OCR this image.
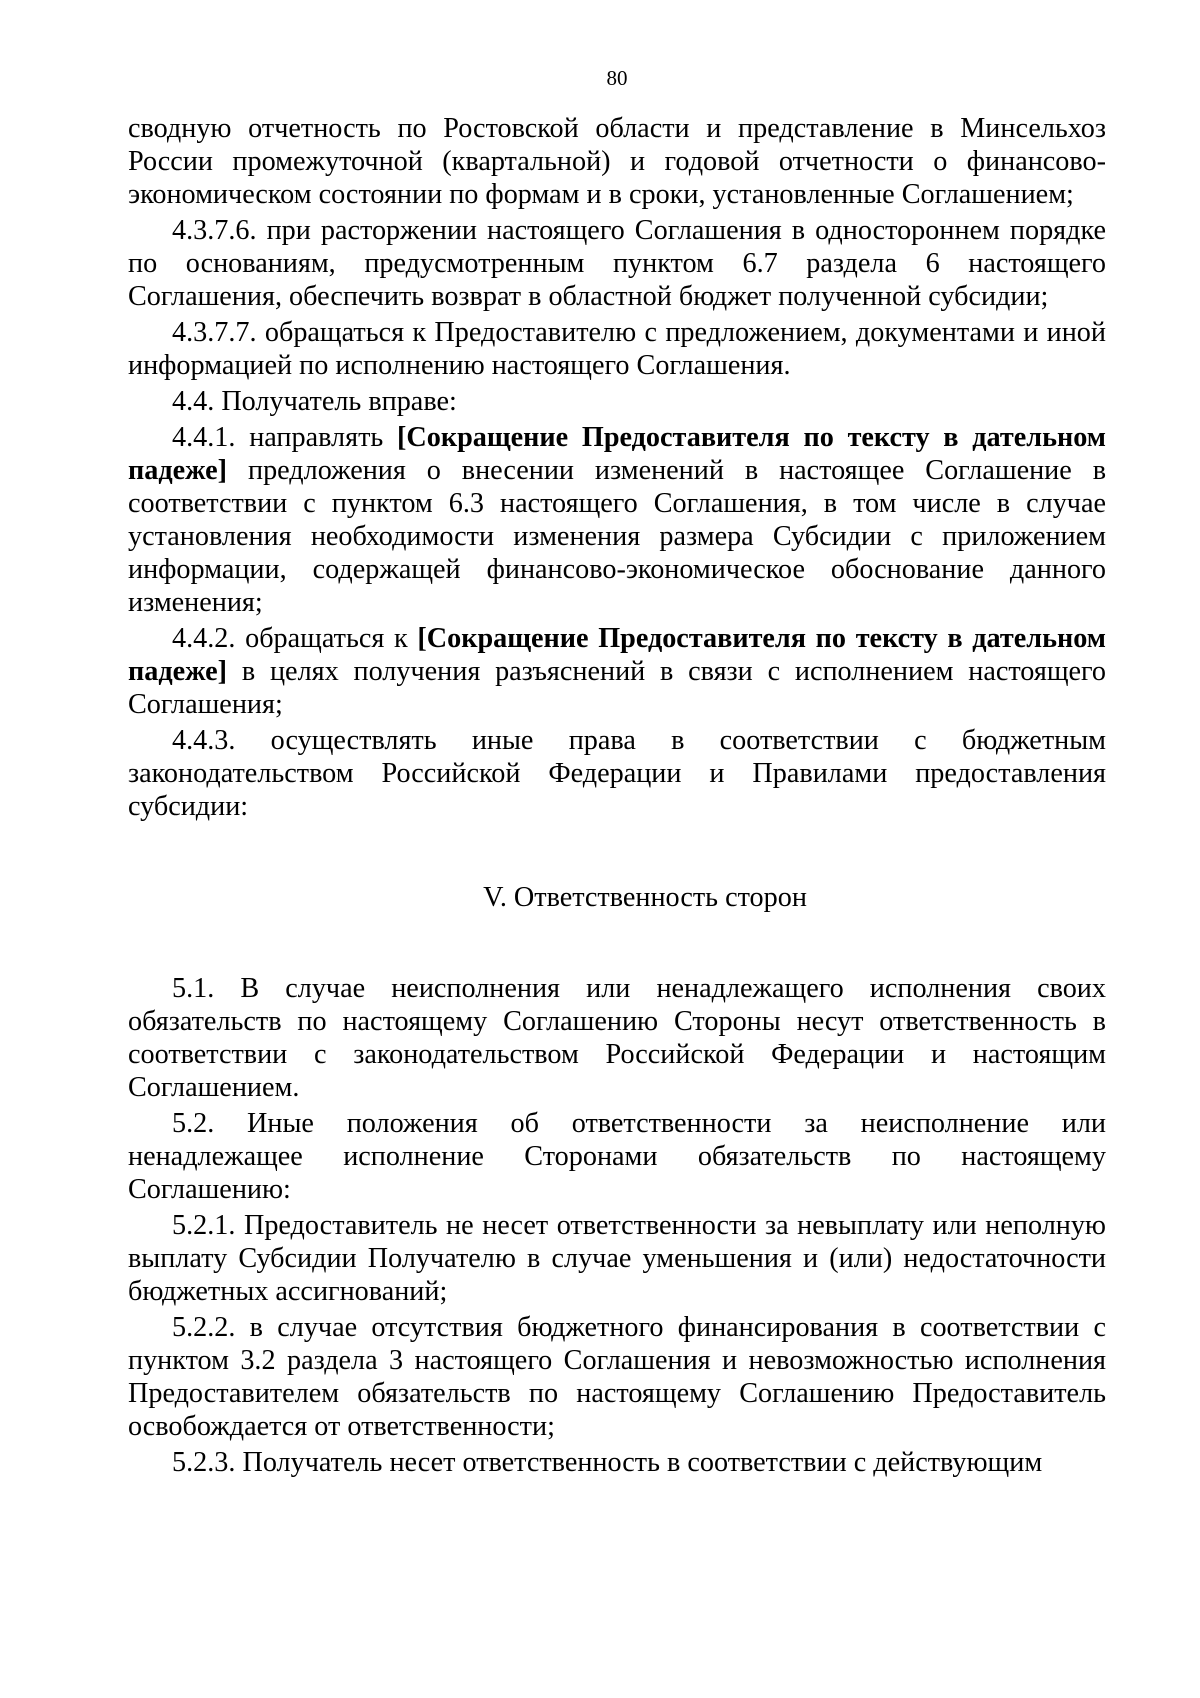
80

сводную отчетность по Ростовской области и представление в Минсельхоз России промежуточной (квартальной) и годовой отчетности о финансово-экономическом состоянии по формам и в сроки, установленные Соглашением;

4.3.7.6. при расторжении настоящего Соглашения в одностороннем порядке по основаниям, предусмотренным пунктом 6.7 раздела 6 настоящего Соглашения, обеспечить возврат в областной бюджет полученной субсидии;

4.3.7.7. обращаться к Предоставителю с предложением, документами и иной информацией по исполнению настоящего Соглашения.

4.4. Получатель вправе:

4.4.1. направлять [Сокращение Предоставителя по тексту в дательном падеже] предложения о внесении изменений в настоящее Соглашение в соответствии с пунктом 6.3 настоящего Соглашения, в том числе в случае установления необходимости изменения размера Субсидии с приложением информации, содержащей финансово-экономическое обоснование данного изменения;

4.4.2. обращаться к [Сокращение Предоставителя по тексту в дательном падеже] в целях получения разъяснений в связи с исполнением настоящего Соглашения;

4.4.3. осуществлять иные права в соответствии с бюджетным законодательством Российской Федерации и Правилами предоставления субсидии:

V. Ответственность сторон

5.1. В случае неисполнения или ненадлежащего исполнения своих обязательств по настоящему Соглашению Стороны несут ответственность в соответствии с законодательством Российской Федерации и настоящим Соглашением.

5.2. Иные положения об ответственности за неисполнение или ненадлежащее исполнение Сторонами обязательств по настоящему Соглашению:

5.2.1. Предоставитель не несет ответственности за невыплату или неполную выплату Субсидии Получателю в случае уменьшения и (или) недостаточности бюджетных ассигнований;

5.2.2. в случае отсутствия бюджетного финансирования в соответствии с пунктом 3.2 раздела 3 настоящего Соглашения и невозможностью исполнения Предоставителем обязательств по настоящему Соглашению Предоставитель освобождается от ответственности;

5.2.3. Получатель несет ответственность в соответствии с действующим
